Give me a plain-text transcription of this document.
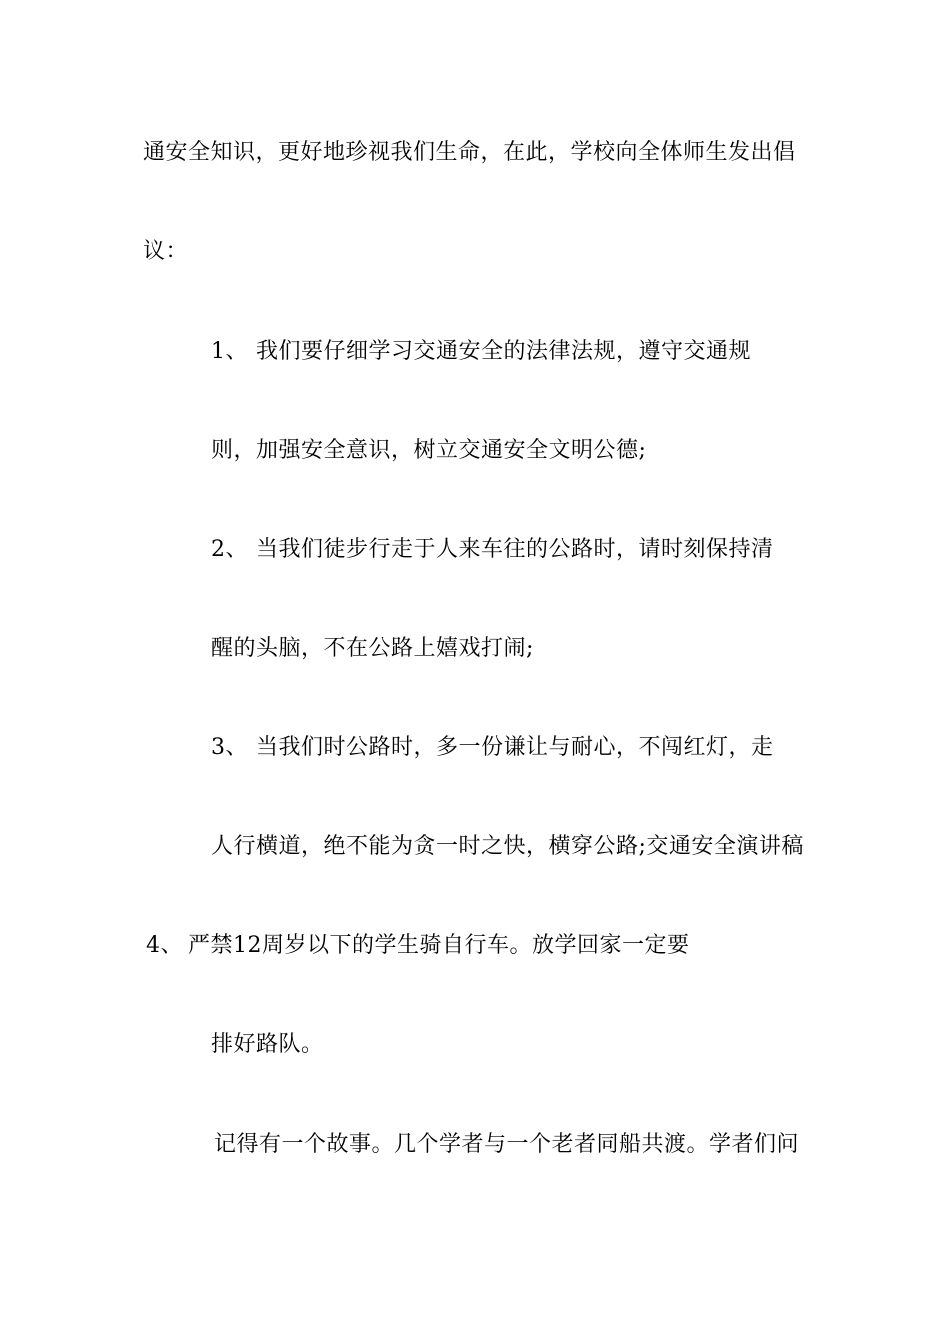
通安全知识，更好地珍视我们生命，在此，学校向全体师生发出倡
议：
1、 我们要仔细学习交通安全的法律法规，遵守交通规
则，加强安全意识，树立交通安全文明公德;
2、 当我们徒步行走于人来车往的公路时，请时刻保持清
醒的头脑，不在公路上嬉戏打闹;
3、 当我们时公路时，多一份谦让与耐心，不闯红灯，走
人行横道，绝不能为贪一时之快，横穿公路;交通安全演讲稿
4、 严禁12周岁以下的学生骑自行车。放学回家一定要
排好路队。
记得有一个故事。几个学者与一个老者同船共渡。学者们问
